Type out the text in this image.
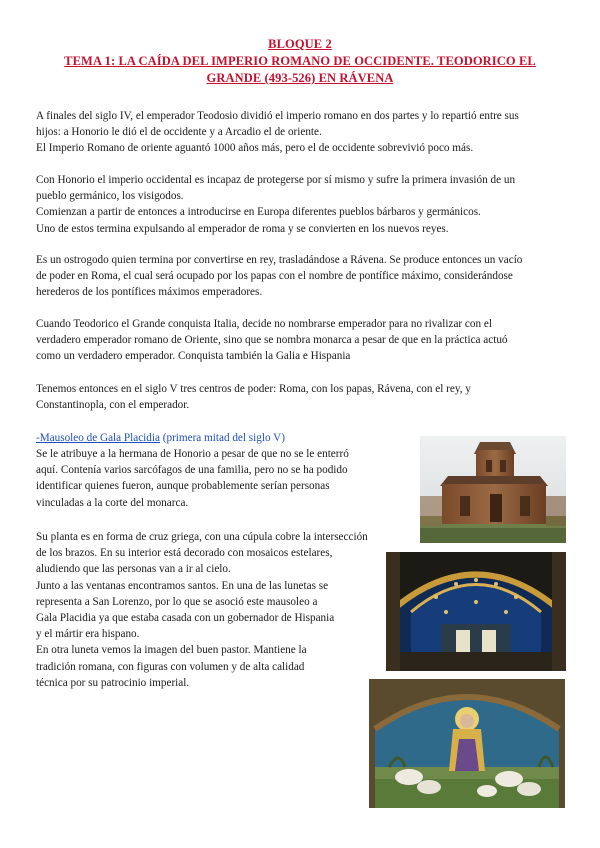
BLOQUE 2
TEMA 1: LA CAÍDA DEL IMPERIO ROMANO DE OCCIDENTE. TEODORICO EL
GRANDE (493-526) EN RÁVENA
A finales del siglo IV, el emperador Teodosio dividió el imperio romano en dos partes y lo repartió entre sus
hijos: a Honorio le dió el de occidente y a Arcadio el de oriente.
El Imperio Romano de oriente aguantó 1000 años más, pero el de occidente sobrevivió poco más.
Con Honorio el imperio occidental es incapaz de protegerse por sí mismo y sufre la primera invasión de un
pueblo germánico, los visigodos.
Comienzan a partir de entonces a introducirse en Europa diferentes pueblos bárbaros y germánicos.
Uno de estos termina expulsando al emperador de roma y se convierten en los nuevos reyes.
Es un ostrogodo quien termina por convertirse en rey, trasladándose a Rávena. Se produce entonces un vacío
de poder en Roma, el cual será ocupado por los papas con el nombre de pontífice máximo, considerándose
herederos de los pontífices máximos emperadores.
Cuando Teodorico el Grande conquista Italia, decide no nombrarse emperador para no rivalizar con el
verdadero emperador romano de Oriente, sino que se nombra monarca a pesar de que en la práctica actuó
como un verdadero emperador. Conquista también la Galia e Hispania
Tenemos entonces en el siglo V tres centros de poder: Roma, con los papas, Rávena, con el rey, y
Constantinopla, con el emperador.
-Mausoleo de Gala Placidia (primera mitad del siglo V)
Se le atribuye a la hermana de Honorio a pesar de que no se le enterró
aquí. Contenía varios sarcófagos de una familia, pero no se ha podido
identificar quienes fueron, aunque probablemente serían personas
vinculadas a la corte del monarca.
Su planta es en forma de cruz griega, con una cúpula cobre la intersección
de los brazos. En su interior está decorado con mosaicos estelares,
aludiendo que las personas van a ir al cielo.
Junto a las ventanas encontramos santos. En una de las lunetas se
representa a San Lorenzo, por lo que se asoció este mausoleo a
Gala Placidia ya que estaba casada con un gobernador de Hispania
y el mártir era hispano.
En otra luneta vemos la imagen del buen pastor. Mantiene la
tradición romana, con figuras con volumen y de alta calidad
técnica por su patrocinio imperial.
